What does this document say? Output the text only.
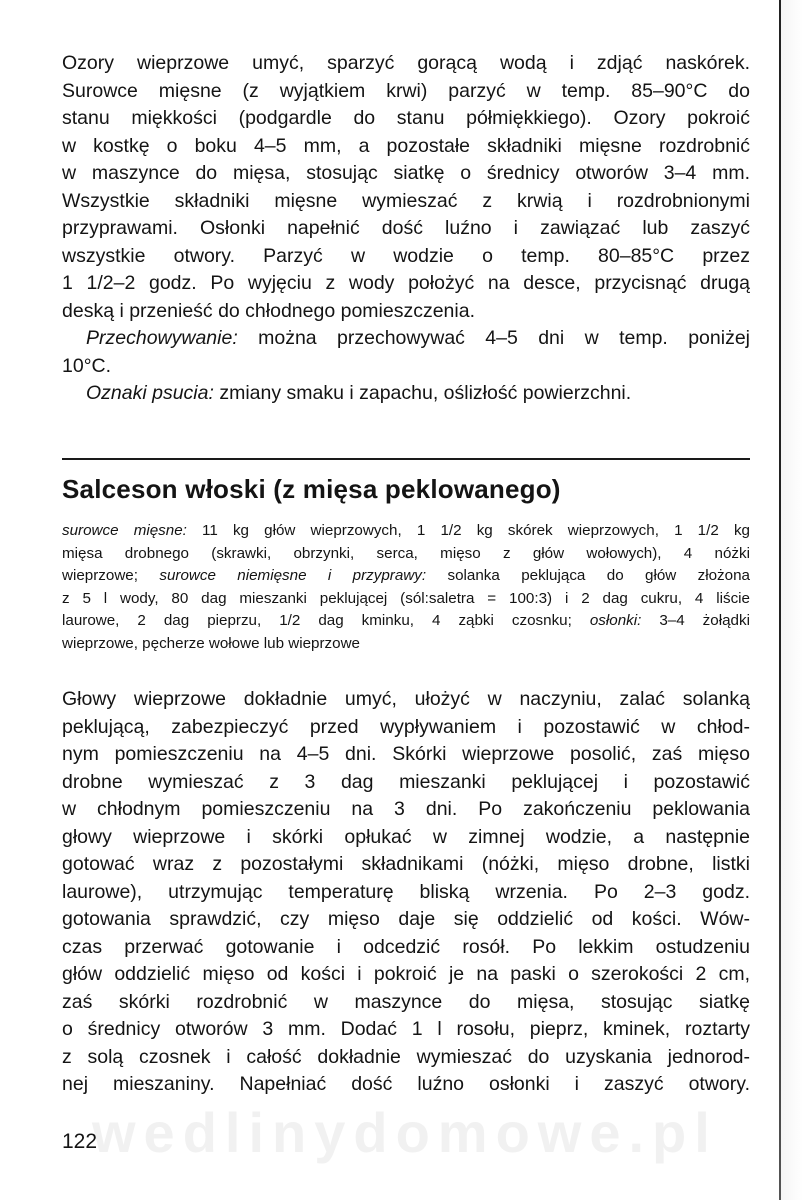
Ozory wieprzowe umyć, sparzyć gorącą wodą i zdjąć naskórek.
Surowce mięsne (z wyjątkiem krwi) parzyć w temp. 85–90°C do
stanu miękkości (podgardle do stanu półmiękkiego). Ozory pokroić
w kostkę o boku 4–5 mm, a pozostałe składniki mięsne rozdrobnić
w maszynce do mięsa, stosując siatkę o średnicy otworów 3–4 mm.
Wszystkie składniki mięsne wymieszać z krwią i rozdrobnionymi
przyprawami. Osłonki napełnić dość luźno i zawiązać lub zaszyć
wszystkie otwory. Parzyć w wodzie o temp. 80–85°C przez
1 1/2–2 godz. Po wyjęciu z wody położyć na desce, przycisnąć drugą
deską i przenieść do chłodnego pomieszczenia.
Przechowywanie: można przechowywać 4–5 dni w temp. poniżej
10°C.
Oznaki psucia: zmiany smaku i zapachu, oślizłość powierzchni.
Salceson włoski (z mięsa peklowanego)
surowce mięsne: 11 kg głów wieprzowych, 1 1/2 kg skórek wieprzowych, 1 1/2 kg
mięsa drobnego (skrawki, obrzynki, serca, mięso z głów wołowych), 4 nóżki
wieprzowe; surowce niemięsne i przyprawy: solanka peklująca do głów złożona
z 5 l wody, 80 dag mieszanki peklującej (sól:saletra = 100:3) i 2 dag cukru, 4 liście
laurowe, 2 dag pieprzu, 1/2 dag kminku, 4 ząbki czosnku; osłonki: 3–4 żołądki
wieprzowe, pęcherze wołowe lub wieprzowe
Głowy wieprzowe dokładnie umyć, ułożyć w naczyniu, zalać solanką
peklującą, zabezpieczyć przed wypływaniem i pozostawić w chłod-
nym pomieszczeniu na 4–5 dni. Skórki wieprzowe posolić, zaś mięso
drobne wymieszać z 3 dag mieszanki peklującej i pozostawić
w chłodnym pomieszczeniu na 3 dni. Po zakończeniu peklowania
głowy wieprzowe i skórki opłukać w zimnej wodzie, a następnie
gotować wraz z pozostałymi składnikami (nóżki, mięso drobne, listki
laurowe), utrzymując temperaturę bliską wrzenia. Po 2–3 godz.
gotowania sprawdzić, czy mięso daje się oddzielić od kości. Wów-
czas przerwać gotowanie i odcedzić rosół. Po lekkim ostudzeniu
głów oddzielić mięso od kości i pokroić je na paski o szerokości 2 cm,
zaś skórki rozdrobnić w maszynce do mięsa, stosując siatkę
o średnicy otworów 3 mm. Dodać 1 l rosołu, pieprz, kminek, roztarty
z solą czosnek i całość dokładnie wymieszać do uzyskania jednorod-
nej mieszaniny. Napełniać dość luźno osłonki i zaszyć otwory.
wedlinydomowe.pl
122
